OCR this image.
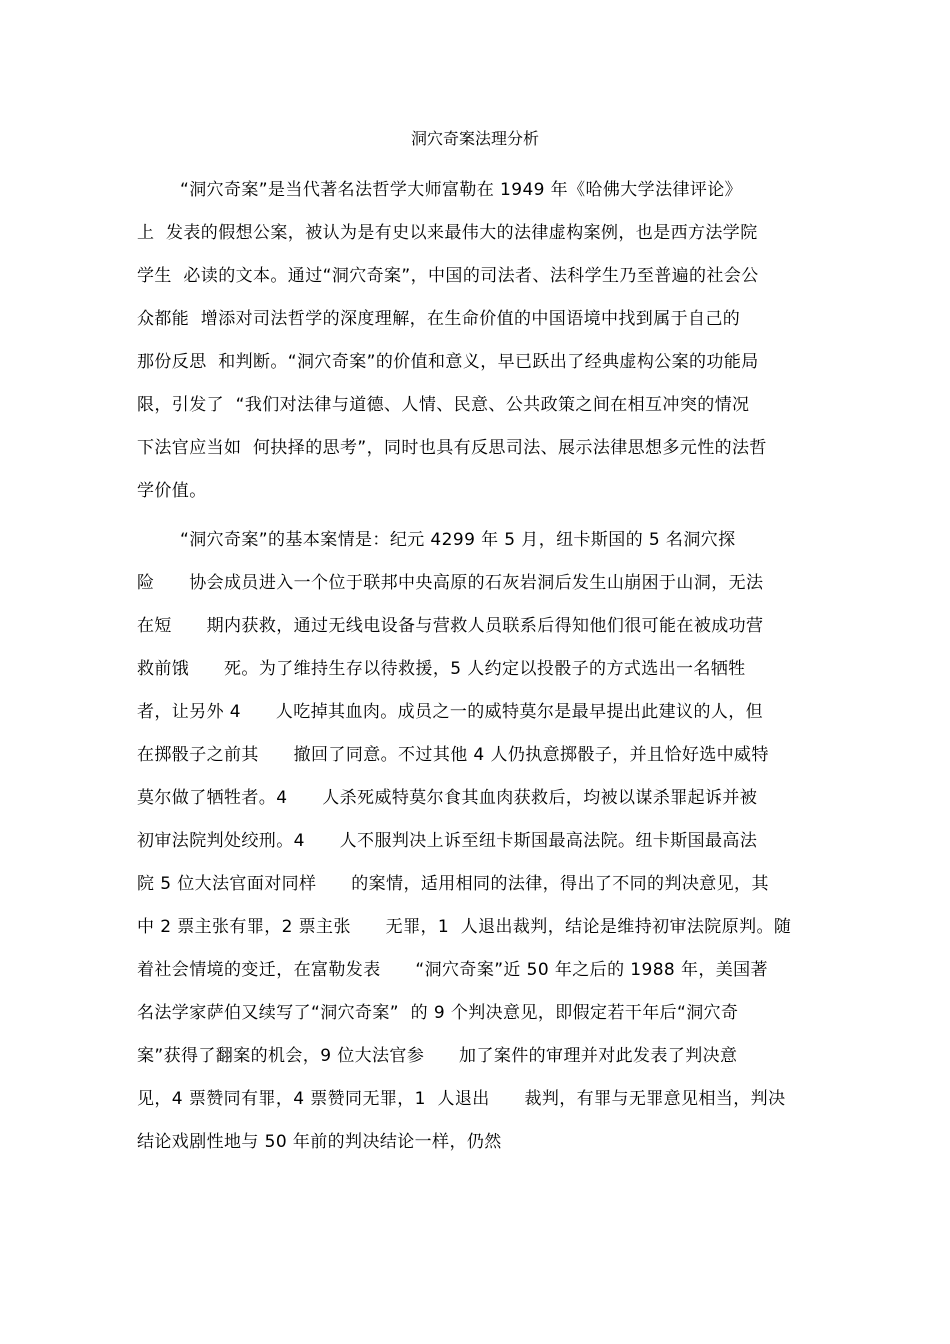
洞穴奇案法理分析
“洞穴奇案”是当代著名法哲学大师富勒在 1949 年《哈佛大学法律评论》
上  发表的假想公案，被认为是有史以来最伟大的法律虚构案例，也是西方法学院
学生  必读的文本。通过“洞穴奇案”，中国的司法者、法科学生乃至普遍的社会公
众都能  增添对司法哲学的深度理解，在生命价值的中国语境中找到属于自己的
那份反思  和判断。“洞穴奇案”的价值和意义，早已跃出了经典虚构公案的功能局
限，引发了  “我们对法律与道德、人情、民意、公共政策之间在相互冲突的情况
下法官应当如  何抉择的思考”，同时也具有反思司法、展示法律思想多元性的法哲
学价值。
“洞穴奇案”的基本案情是：纪元 4299 年 5 月，纽卡斯国的 5 名洞穴探
险      协会成员进入一个位于联邦中央高原的石灰岩洞后发生山崩困于山洞，无法
在短      期内获救，通过无线电设备与营救人员联系后得知他们很可能在被成功营
救前饿      死。为了维持生存以待救援，5 人约定以投骰子的方式选出一名牺牲
者，让另外 4      人吃掉其血肉。成员之一的威特莫尔是最早提出此建议的人，但
在掷骰子之前其      撤回了同意。不过其他 4 人仍执意掷骰子，并且恰好选中威特
莫尔做了牺牲者。4      人杀死威特莫尔食其血肉获救后，均被以谋杀罪起诉并被
初审法院判处绞刑。4      人不服判决上诉至纽卡斯国最高法院。纽卡斯国最高法
院 5 位大法官面对同样      的案情，适用相同的法律，得出了不同的判决意见，其
中 2 票主张有罪，2 票主张      无罪，1  人退出裁判，结论是维持初审法院原判。随
着社会情境的变迁，在富勒发表      “洞穴奇案”近 50 年之后的 1988 年，美国著
名法学家萨伯又续写了“洞穴奇案”  的 9 个判决意见，即假定若干年后“洞穴奇
案”获得了翻案的机会，9 位大法官参      加了案件的审理并对此发表了判决意
见，4 票赞同有罪，4 票赞同无罪，1  人退出      裁判，有罪与无罪意见相当，判决
结论戏剧性地与 50 年前的判决结论一样，仍然
